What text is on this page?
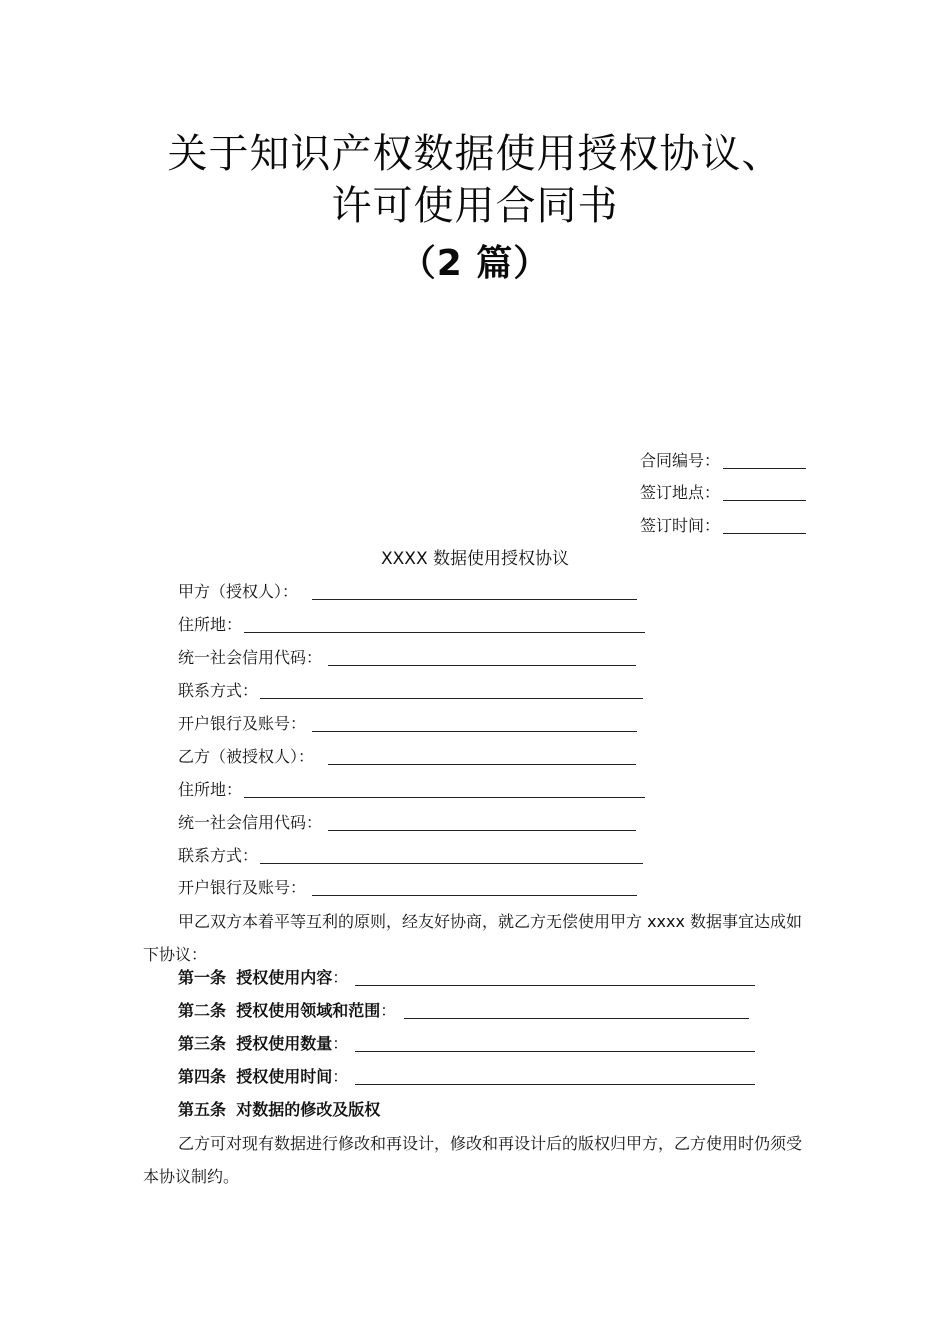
关于知识产权数据使用授权协议、
许可使用合同书
（2 篇）
合同编号：
签订地点：
签订时间：
XXXX 数据使用授权协议
甲方（授权人）：
住所地：
统一社会信用代码：
联系方式：
开户银行及账号：
乙方（被授权人）：
住所地：
统一社会信用代码：
联系方式：
开户银行及账号：
甲乙双方本着平等互利的原则，经友好协商，就乙方无偿使用甲方 xxxx 数据事宜达成如下协议：
第一条 授权使用内容：
第二条 授权使用领域和范围：
第三条 授权使用数量：
第四条 授权使用时间：
第五条 对数据的修改及版权
乙方可对现有数据进行修改和再设计，修改和再设计后的版权归甲方，乙方使用时仍须受本协议制约。
